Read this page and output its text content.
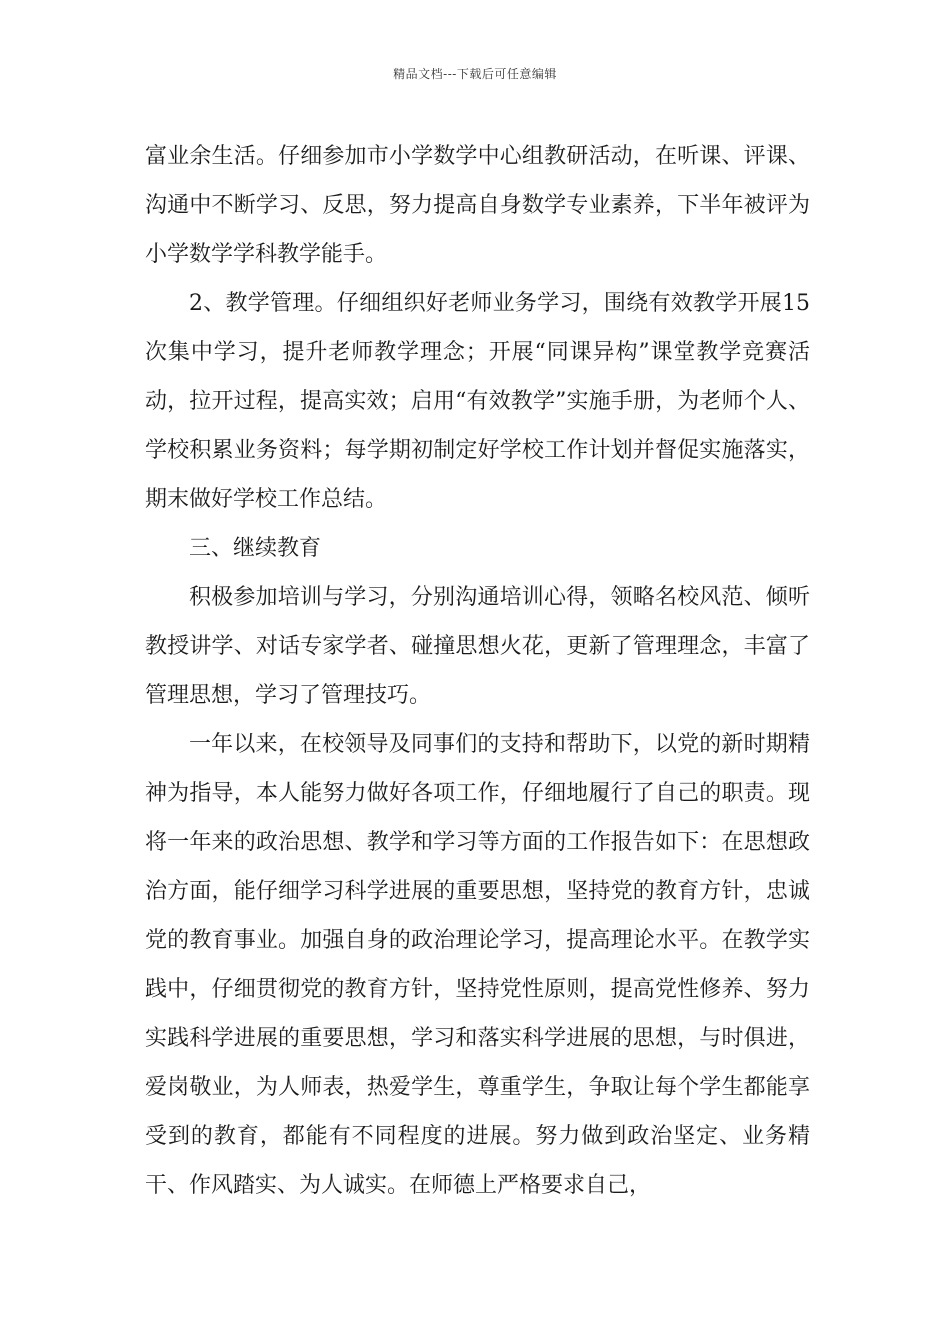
精品文档---下载后可任意编辑

富业余生活。仔细参加市小学数学中心组教研活动，在听课、评课、沟通中不断学习、反思，努力提高自身数学专业素养，下半年被评为小学数学学科教学能手。

2、教学管理。仔细组织好老师业务学习，围绕有效教学开展15次集中学习，提升老师教学理念；开展“同课异构”课堂教学竞赛活动，拉开过程，提高实效；启用“有效教学”实施手册，为老师个人、学校积累业务资料；每学期初制定好学校工作计划并督促实施落实，期末做好学校工作总结。

三、继续教育

积极参加培训与学习，分别沟通培训心得，领略名校风范、倾听教授讲学、对话专家学者、碰撞思想火花，更新了管理理念，丰富了管理思想，学习了管理技巧。

一年以来，在校领导及同事们的支持和帮助下，以党的新时期精神为指导，本人能努力做好各项工作，仔细地履行了自己的职责。现将一年来的政治思想、教学和学习等方面的工作报告如下：在思想政治方面，能仔细学习科学进展的重要思想，坚持党的教育方针，忠诚党的教育事业。加强自身的政治理论学习，提高理论水平。在教学实践中，仔细贯彻党的教育方针，坚持党性原则，提高党性修养、努力实践科学进展的重要思想，学习和落实科学进展的思想，与时俱进，爱岗敬业，为人师表，热爱学生，尊重学生，争取让每个学生都能享受到的教育，都能有不同程度的进展。努力做到政治坚定、业务精干、作风踏实、为人诚实。在师德上严格要求自己，
